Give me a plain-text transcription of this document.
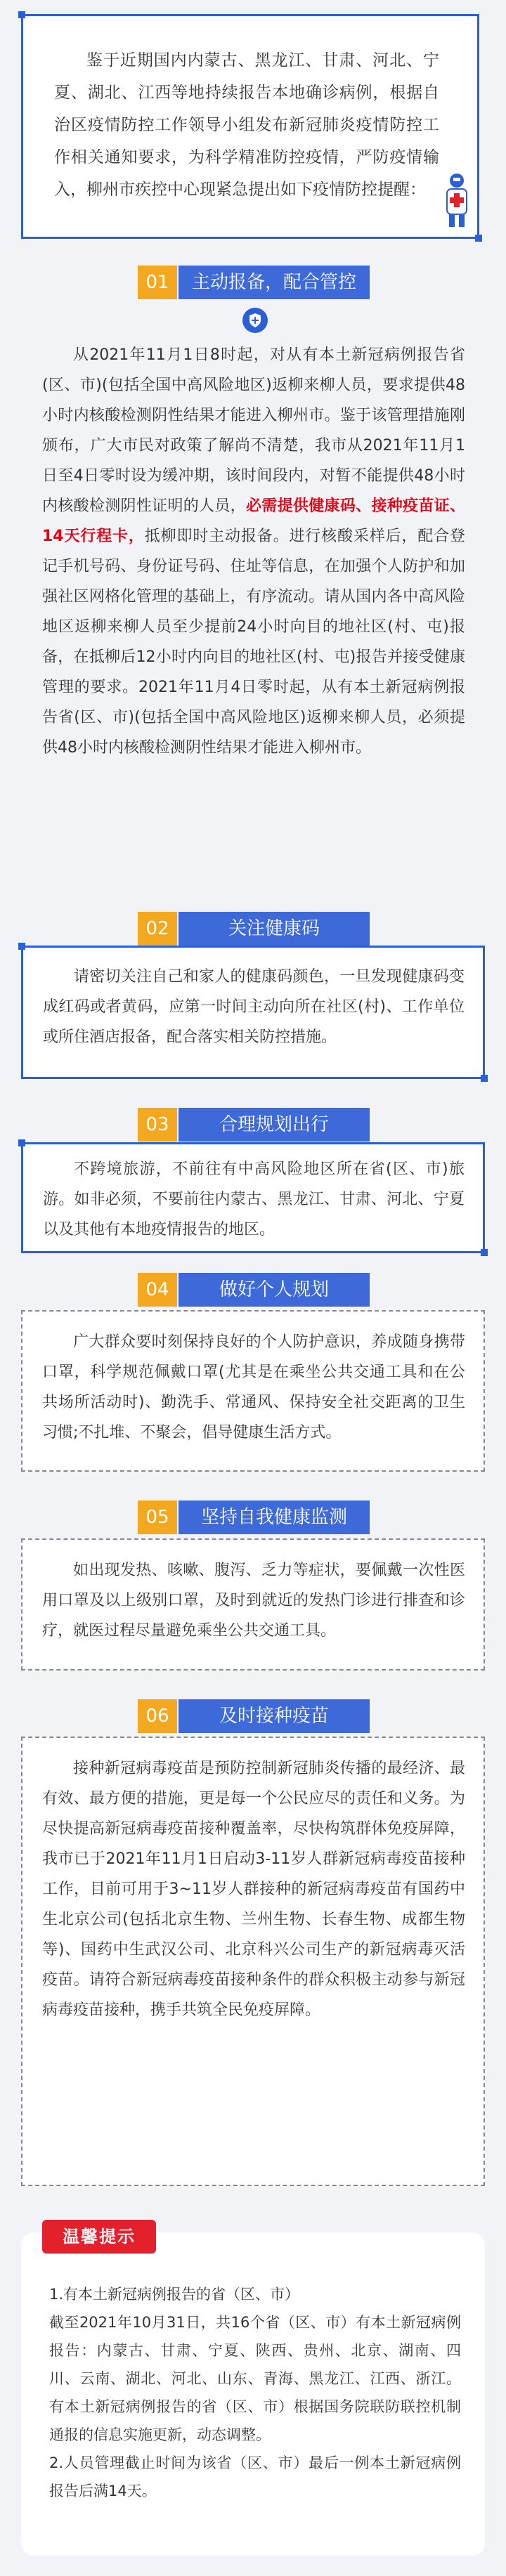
鉴于近期国内内蒙古、黑龙江、甘肃、河北、宁夏、湖北、江西等地持续报告本地确诊病例，根据自治区疫情防控工作领导小组发布新冠肺炎疫情防控工作相关通知要求，为科学精准防控疫情，严防疫情输入，柳州市疾控中心现紧急提出如下疫情防控提醒：

01	主动报备，配合管控

从2021年11月1日8时起，对从有本土新冠病例报告省(区、市)(包括全国中高风险地区)返柳来柳人员，要求提供48小时内核酸检测阴性结果才能进入柳州市。鉴于该管理措施刚颁布，广大市民对政策了解尚不清楚，我市从2021年11月1日至4日零时设为缓冲期，该时间段内，对暂不能提供48小时内核酸检测阴性证明的人员，必需提供健康码、接种疫苗证、14天行程卡，抵柳即时主动报备。进行核酸采样后，配合登记手机号码、身份证号码、住址等信息，在加强个人防护和加强社区网格化管理的基础上，有序流动。请从国内各中高风险地区返柳来柳人员至少提前24小时向目的地社区(村、屯)报备，在抵柳后12小时内向目的地社区(村、屯)报告并接受健康管理的要求。2021年11月4日零时起，从有本土新冠病例报告省(区、市)(包括全国中高风险地区)返柳来柳人员，必须提供48小时内核酸检测阴性结果才能进入柳州市。

02	关注健康码

请密切关注自己和家人的健康码颜色，一旦发现健康码变成红码或者黄码，应第一时间主动向所在社区(村)、工作单位或所住酒店报备，配合落实相关防控措施。

03	合理规划出行

不跨境旅游，不前往有中高风险地区所在省(区、市)旅游。如非必须，不要前往内蒙古、黑龙江、甘肃、河北、宁夏以及其他有本地疫情报告的地区。

04	做好个人规划

广大群众要时刻保持良好的个人防护意识，养成随身携带口罩，科学规范佩戴口罩(尤其是在乘坐公共交通工具和在公共场所活动时)、勤洗手、常通风、保持安全社交距离的卫生习惯;不扎堆、不聚会，倡导健康生活方式。

05	坚持自我健康监测

如出现发热、咳嗽、腹泻、乏力等症状，要佩戴一次性医用口罩及以上级别口罩，及时到就近的发热门诊进行排查和诊疗，就医过程尽量避免乘坐公共交通工具。

06	及时接种疫苗

接种新冠病毒疫苗是预防控制新冠肺炎传播的最经济、最有效、最方便的措施，更是每一个公民应尽的责任和义务。为尽快提高新冠病毒疫苗接种覆盖率，尽快构筑群体免疫屏障，我市已于2021年11月1日启动3-11岁人群新冠病毒疫苗接种工作，目前可用于3~11岁人群接种的新冠病毒疫苗有国药中生北京公司(包括北京生物、兰州生物、长春生物、成都生物等)、国药中生武汉公司、北京科兴公司生产的新冠病毒灭活疫苗。请符合新冠病毒疫苗接种条件的群众积极主动参与新冠病毒疫苗接种，携手共筑全民免疫屏障。

1.有本土新冠病例报告的省（区、市）

截至2021年10月31日，共16个省（区、市）有本土新冠病例报告：内蒙古、甘肃、宁夏、陕西、贵州、北京、湖南、四川、云南、湖北、河北、山东、青海、黑龙江、江西、浙江。有本土新冠病例报告的省（区、市）根据国务院联防联控机制通报的信息实施更新，动态调整。

2.人员管理截止时间为该省（区、市）最后一例本土新冠病例报告后满14天。

温馨提示
